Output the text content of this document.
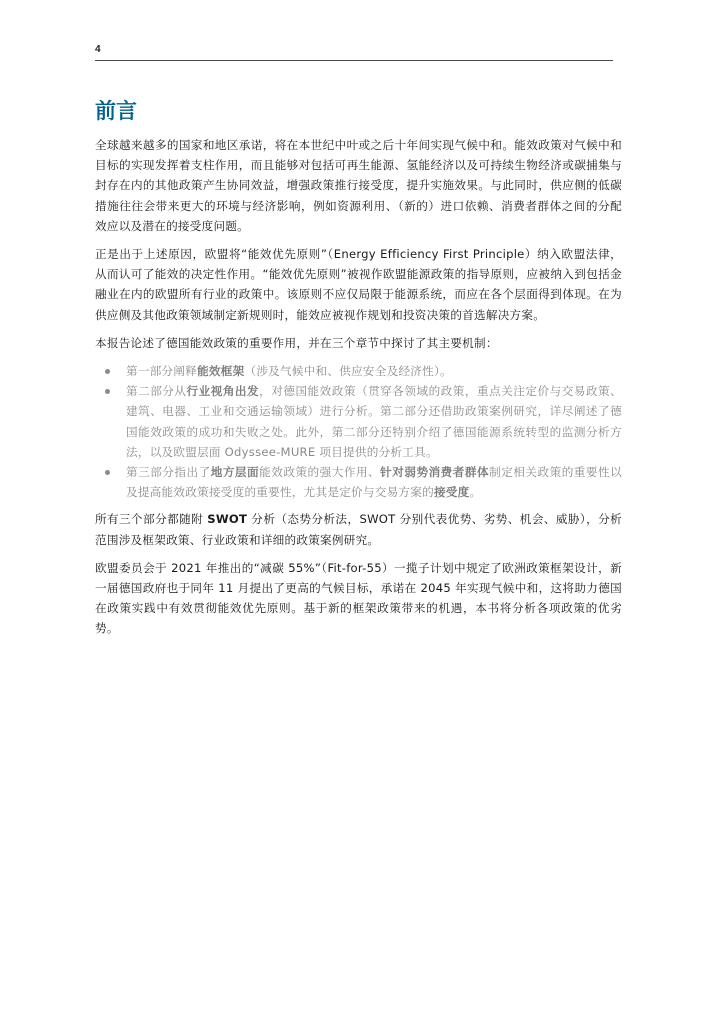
4
前言

全球越来越多的国家和地区承诺，将在本世纪中叶或之后十年间实现气候中和。能效政策对气候中和目标的实现发挥着支柱作用，而且能够对包括可再生能源、氢能经济以及可持续生物经济或碳捕集与封存在内的其他政策产生协同效益，增强政策推行接受度，提升实施效果。与此同时，供应侧的低碳措施往往会带来更大的环境与经济影响，例如资源利用、（新的）进口依赖、消费者群体之间的分配效应以及潜在的接受度问题。

正是出于上述原因，欧盟将“能效优先原则”（Energy Efficiency First Principle）纳入欧盟法律，从而认可了能效的决定性作用。“能效优先原则”被视作欧盟能源政策的指导原则，应被纳入到包括金融业在内的欧盟所有行业的政策中。该原则不应仅局限于能源系统，而应在各个层面得到体现。在为供应侧及其他政策领域制定新规则时，能效应被视作规划和投资决策的首选解决方案。

本报告论述了德国能效政策的重要作用，并在三个章节中探讨了其主要机制：

第一部分阐释能效框架（涉及气候中和、供应安全及经济性）。
第二部分从行业视角出发，对德国能效政策（贯穿各领域的政策，重点关注定价与交易政策、建筑、电器、工业和交通运输领域）进行分析。第二部分还借助政策案例研究，详尽阐述了德国能效政策的成功和失败之处。此外，第二部分还特别介绍了德国能源系统转型的监测分析方法，以及欧盟层面 Odyssee-MURE 项目提供的分析工具。
第三部分指出了地方层面能效政策的强大作用、针对弱势消费者群体制定相关政策的重要性以及提高能效政策接受度的重要性，尤其是定价与交易方案的接受度。

所有三个部分都随附 SWOT 分析（态势分析法，SWOT 分别代表优势、劣势、机会、威胁），分析范围涉及框架政策、行业政策和详细的政策案例研究。

欧盟委员会于 2021 年推出的“减碳 55%”（Fit-for-55）一揽子计划中规定了欧洲政策框架设计，新一届德国政府也于同年 11 月提出了更高的气候目标，承诺在 2045 年实现气候中和，这将助力德国在政策实践中有效贯彻能效优先原则。基于新的框架政策带来的机遇，本书将分析各项政策的优劣势。
